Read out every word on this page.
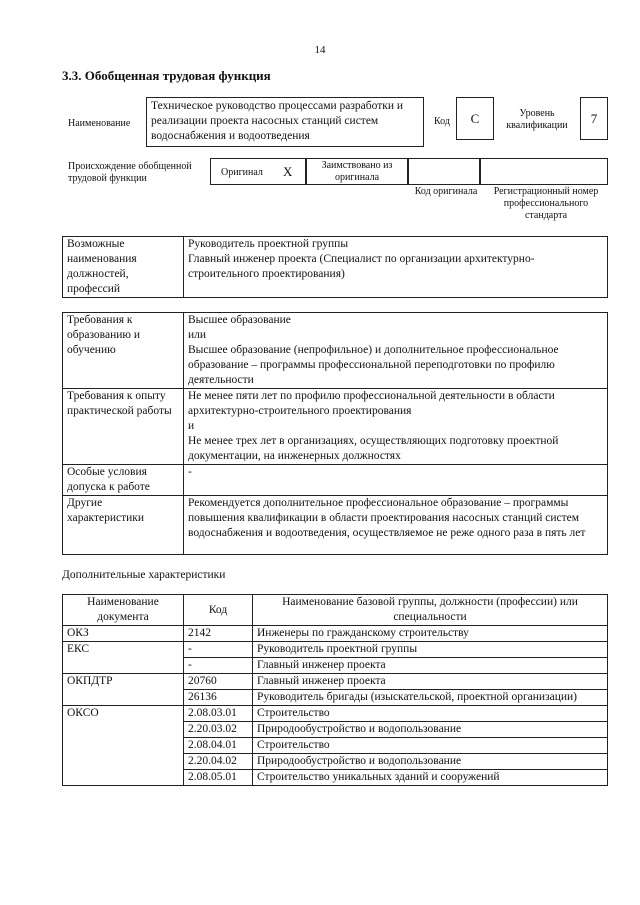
14
3.3. Обобщенная трудовая функция
Наименование
Техническое руководство процессами разработки и реализации проекта насосных станций систем водоснабжения и водоотведения
Код	C	Уровень квалификации	7
Происхождение обобщенной трудовой функции
Оригинал X	Заимствовано из оригинала
Код оригинала	Регистрационный номер профессионального стандарта
Возможные наименования должностей, профессий	Руководитель проектной группы
Главный инженер проекта (Специалист по организации архитектурно-строительного проектирования)
Требования к образованию и обучению	Высшее образование
или
Высшее образование (непрофильное) и дополнительное профессиональное образование – программы профессиональной переподготовки по профилю деятельности
Требования к опыту практической работы	Не менее пяти лет по профилю профессиональной деятельности в области архитектурно-строительного проектирования
и
Не менее трех лет в организациях, осуществляющих подготовку проектной документации, на инженерных должностях
Особые условия допуска к работе	-
Другие характеристики	Рекомендуется дополнительное профессиональное образование – программы повышения квалификации в области проектирования насосных станций систем водоснабжения и водоотведения, осуществляемое не реже одного раза в пять лет
Дополнительные характеристики
Наименование документа	Код	Наименование базовой группы, должности (профессии) или специальности
ОКЗ	2142	Инженеры по гражданскому строительству
ЕКС	-	Руководитель проектной группы
	-	Главный инженер проекта
ОКПДТР	20760	Главный инженер проекта
	26136	Руководитель бригады (изыскательской, проектной организации)
ОКСО	2.08.03.01	Строительство
	2.20.03.02	Природообустройство и водопользование
	2.08.04.01	Строительство
	2.20.04.02	Природообустройство и водопользование
	2.08.05.01	Строительство уникальных зданий и сооружений
